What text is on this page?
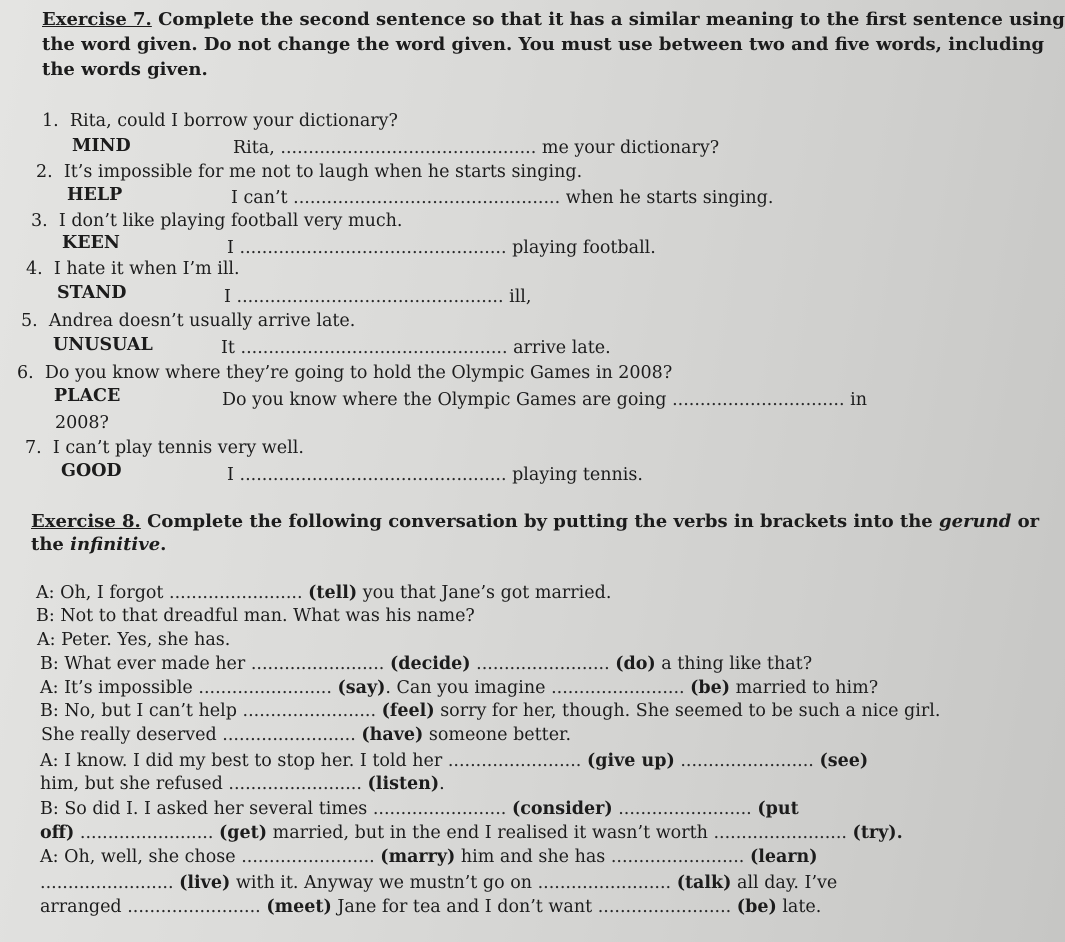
Exercise 7. Complete the second sentence so that it has a similar meaning to the first sentence using
the word given. Do not change the word given. You must use between two and five words, including
the words given.
1. Rita, could I borrow your dictionary?
MIND	Rita, .............................................. me your dictionary?
2. It’s impossible for me not to laugh when he starts singing.
HELP	I can’t ................................................ when he starts singing.
3. I don’t like playing football very much.
KEEN	I ................................................ playing football.
4. I hate it when I’m ill.
STAND	I ................................................ ill,
5. Andrea doesn’t usually arrive late.
UNUSUAL	It ................................................ arrive late.
6. Do you know where they’re going to hold the Olympic Games in 2008?
PLACE	Do you know where the Olympic Games are going ............................... in
2008?
7. I can’t play tennis very well.
GOOD	I ................................................ playing tennis.
Exercise 8. Complete the following conversation by putting the verbs in brackets into the gerund or
the infinitive.
A: Oh, I forgot ........................ (tell) you that Jane’s got married.
B: Not to that dreadful man. What was his name?
A: Peter. Yes, she has.
B: What ever made her ........................ (decide) ........................ (do) a thing like that?
A: It’s impossible ........................ (say). Can you imagine ........................ (be) married to him?
B: No, but I can’t help ........................ (feel) sorry for her, though. She seemed to be such a nice girl.
She really deserved ........................ (have) someone better.
A: I know. I did my best to stop her. I told her ........................ (give up) ........................ (see)
him, but she refused ........................ (listen).
B: So did I. I asked her several times ........................ (consider) ........................ (put
off) ........................ (get) married, but in the end I realised it wasn’t worth ........................ (try).
A: Oh, well, she chose ........................ (marry) him and she has ........................ (learn)
........................ (live) with it. Anyway we mustn’t go on ........................ (talk) all day. I’ve
arranged ........................ (meet) Jane for tea and I don’t want ........................ (be) late.
